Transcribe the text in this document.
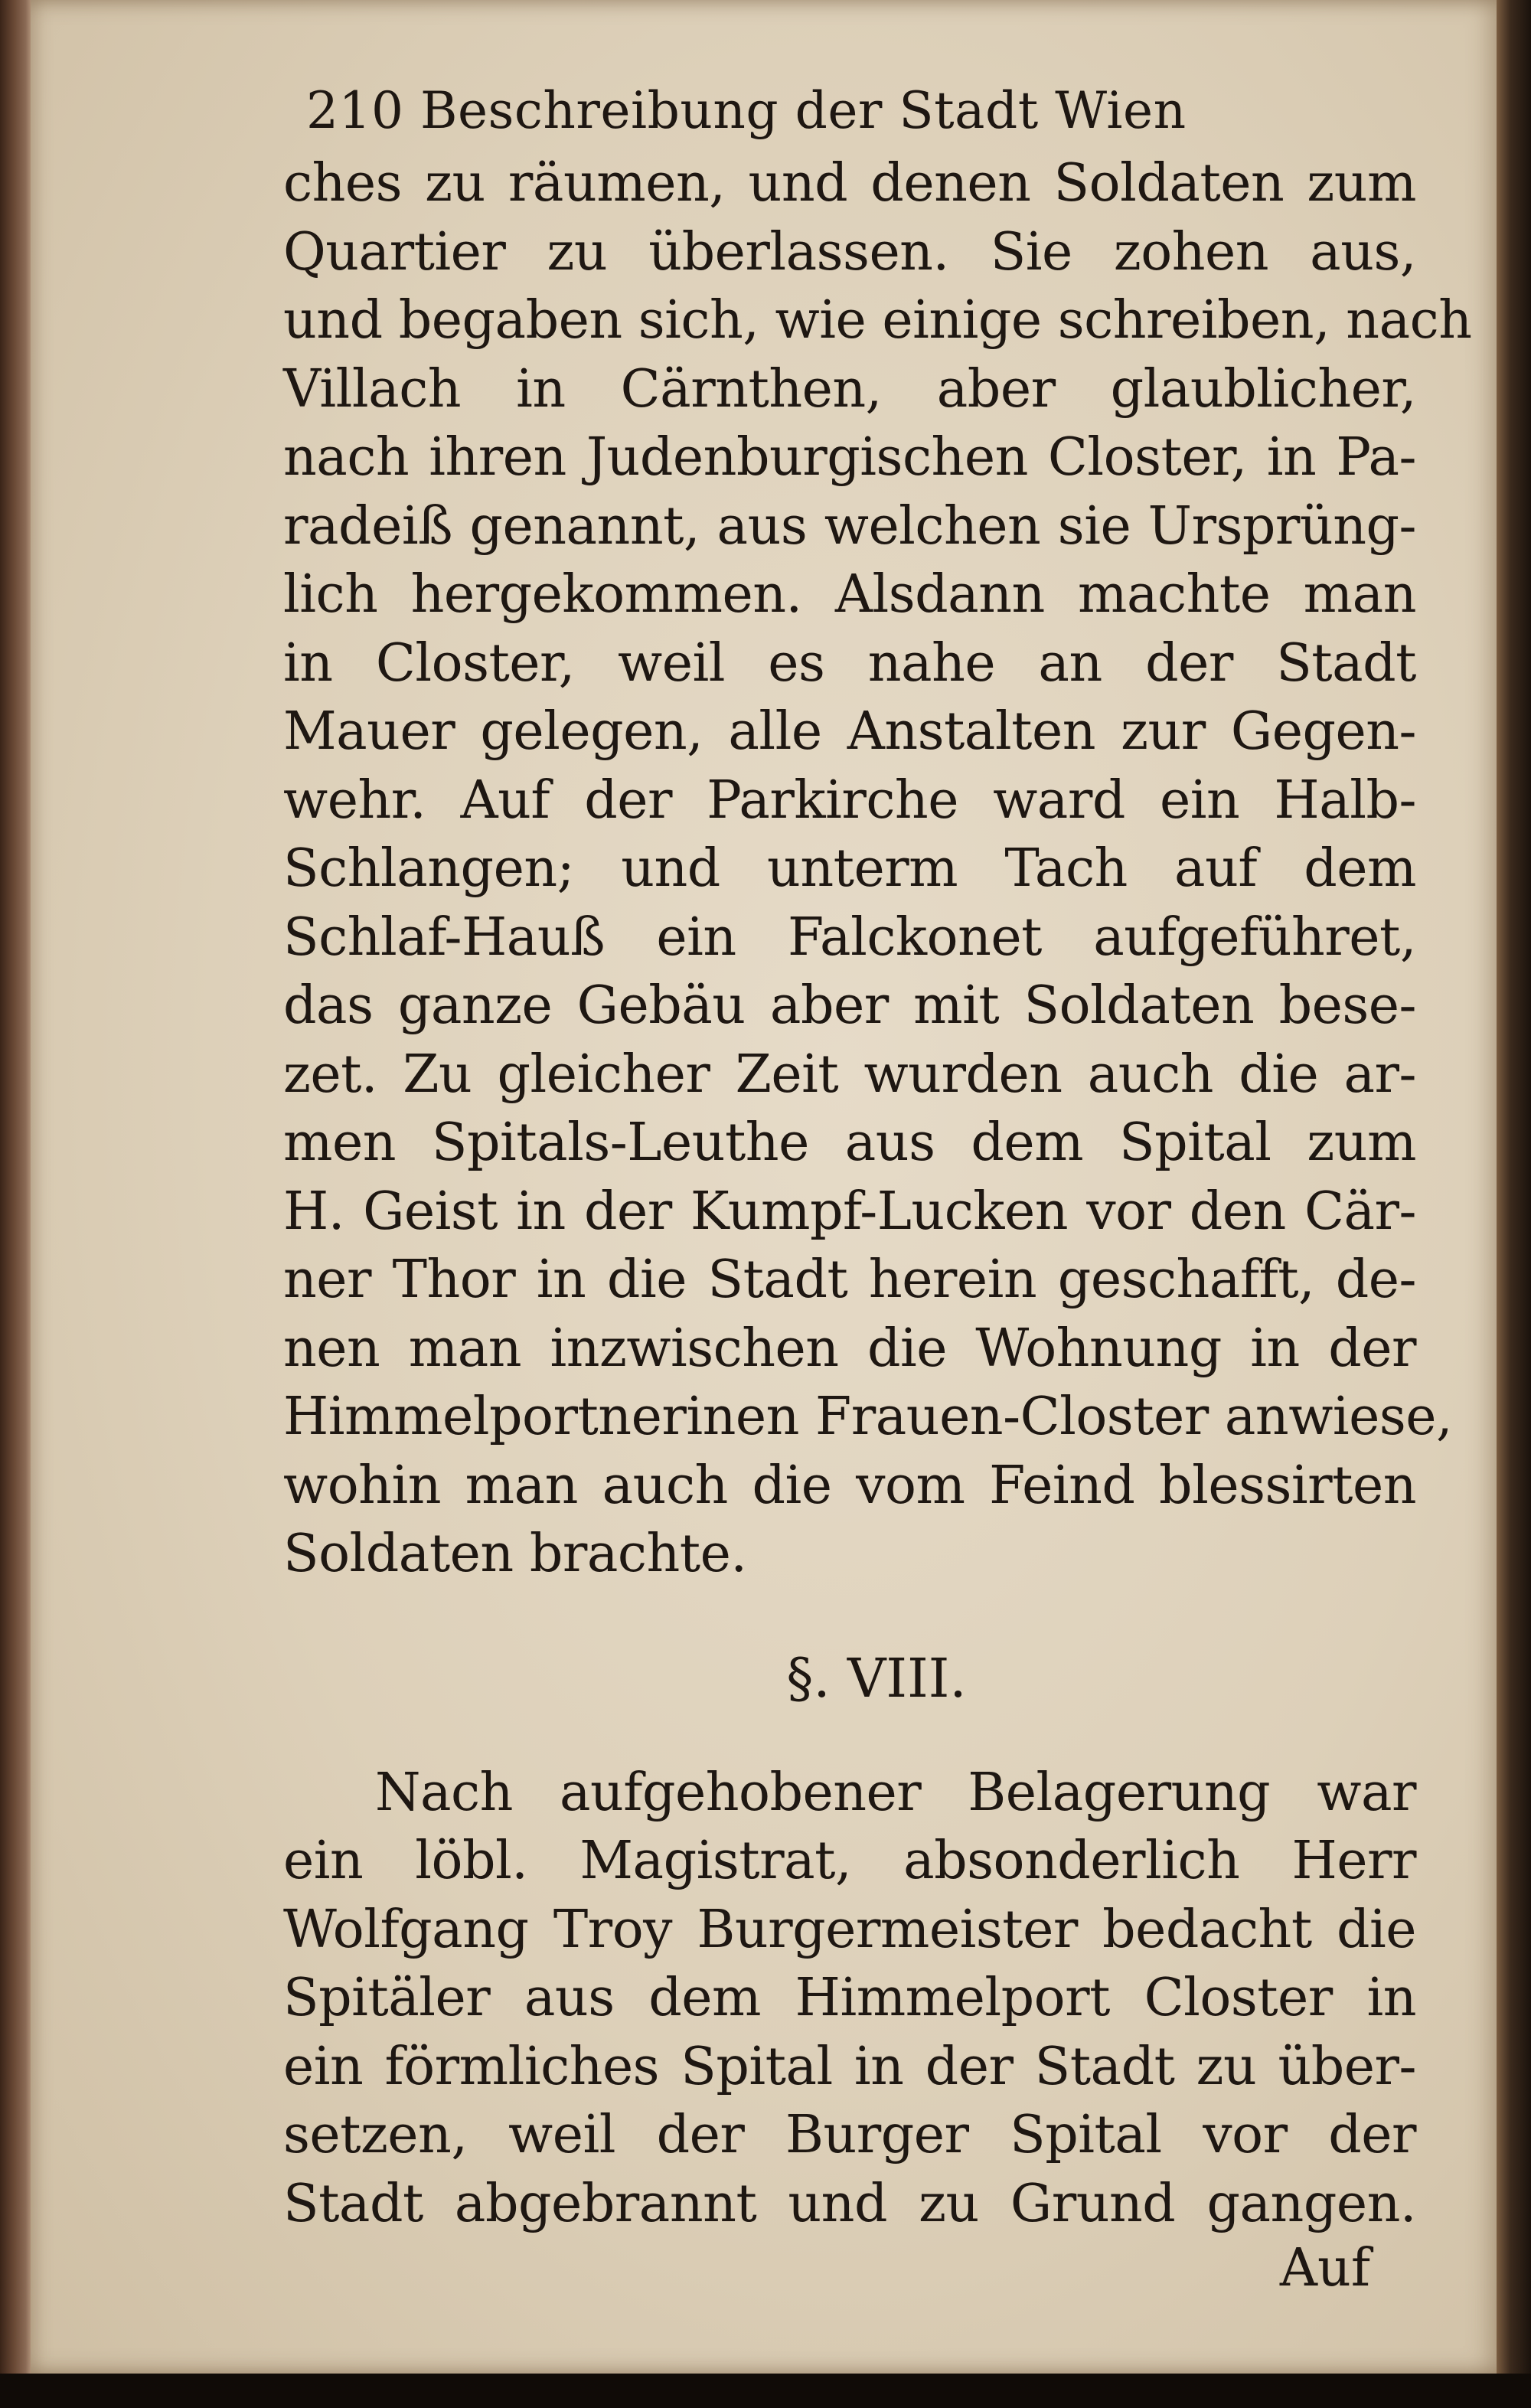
210 Beschreibung der Stadt Wien
ches zu räumen, und denen Soldaten zum
Quartier zu überlassen. Sie zohen aus,
und begaben sich, wie einige schreiben, nach
Villach in Cärnthen, aber glaublicher,
nach ihren Judenburgischen Closter, in Pa-
radeiß genannt, aus welchen sie Ursprüng-
lich hergekommen. Alsdann machte man
in Closter, weil es nahe an der Stadt
Mauer gelegen, alle Anstalten zur Gegen-
wehr. Auf der Parkirche ward ein Halb-
Schlangen; und unterm Tach auf dem
Schlaf-Hauß ein Falckonet aufgeführet,
das ganze Gebäu aber mit Soldaten bese-
zet. Zu gleicher Zeit wurden auch die ar-
men Spitals-Leuthe aus dem Spital zum
H. Geist in der Kumpf-Lucken vor den Cär-
ner Thor in die Stadt herein geschafft, de-
nen man inzwischen die Wohnung in der
Himmelportnerinen Frauen-Closter anwiese,
wohin man auch die vom Feind blessirten
Soldaten brachte.
§. VIII.
Nach aufgehobener Belagerung war
ein löbl. Magistrat, absonderlich Herr
Wolfgang Troy Burgermeister bedacht die
Spitäler aus dem Himmelport Closter in
ein förmliches Spital in der Stadt zu über-
setzen, weil der Burger Spital vor der
Stadt abgebrannt und zu Grund gangen.
Auf
